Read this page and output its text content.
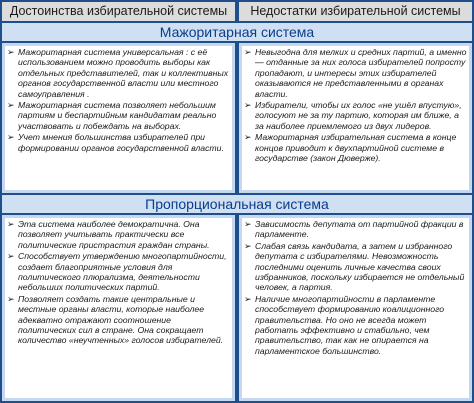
Достоинства избирательной системы	Недостатки избирательной системы
Мажоритарная система
➢ Мажоритарная система универсальная : с её использованием можно проводить выборы как отдельных представителей, так и коллективных органов государственной власти или местного самоуправления .
➢ Мажоритарная система позволяет небольшим партиям и беспартийным кандидатам реально участвовать и побеждать на выборах.
➢ Учет мнения большинства избирателей при формировании органов государственной власти.
➢ Невыгодна для мелких и средних партий, а именно — отданные за них голоса избирателей попросту пропадают, и интересы этих избирателей оказываются не представленными в органах власти.
➢ Избиратели, чтобы их голос «не ушёл впустую», голосуют не за ту партию, которая им ближе, а за наиболее приемлемого из двух лидеров.
➢ Мажоритарная избирательная система в конце концов приводит к двухпартийной системе в государстве (закон Дюверже).
Пропорциональная система
➢ Эта система наиболее демократична. Она позволяет учитывать практически все политические пристрастия граждан страны.
➢ Способствует утверждению многопартийности, создает благоприятные условия для политического плюрализма, деятельности небольших политических партий.
➢ Позволяет создать такие центральные и местные органы власти, которые наиболее адекватно отражают соотношение политических сил в стране. Она сокращает количество «неучтенных» голосов избирателей.
➢ Зависимость депутата от партийной фракции в парламенте.
➢ Слабая связь кандидата, а затем и избранного депутата с избирателями. Невозможность последними оценить личные качества своих избранников, поскольку избирается не отдельный человек, а партия.
➢ Наличие многопартийности в парламенте способствует формированию коалиционного правительства. Но оно не всегда может работать эффективно и стабильно, чем правительство, так как не опирается на парламентское большинство.
